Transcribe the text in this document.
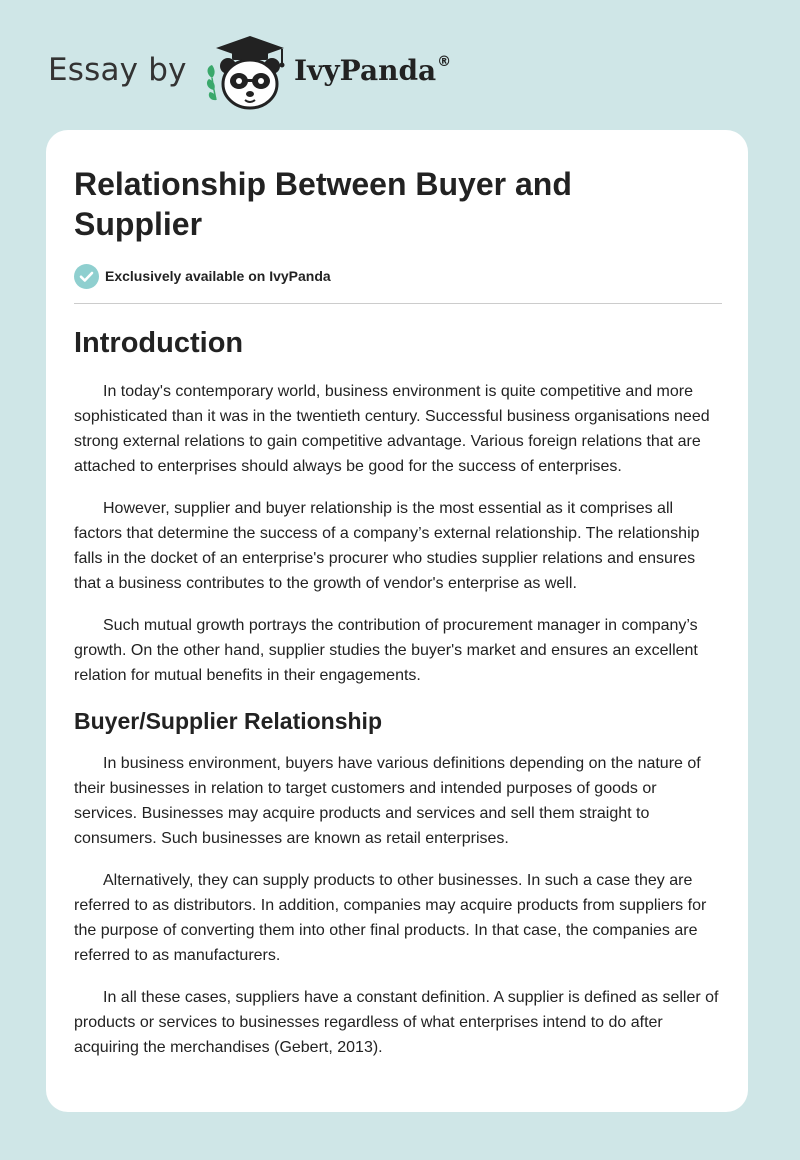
Essay by	IvyPanda®
Relationship Between Buyer and Supplier
Exclusively available on IvyPanda
Introduction

In today's contemporary world, business environment is quite competitive and more sophisticated than it was in the twentieth century. Successful business organisations need strong external relations to gain competitive advantage. Various foreign relations that are attached to enterprises should always be good for the success of enterprises.

However, supplier and buyer relationship is the most essential as it comprises all factors that determine the success of a company’s external relationship. The relationship falls in the docket of an enterprise's procurer who studies supplier relations and ensures that a business contributes to the growth of vendor's enterprise as well.

Such mutual growth portrays the contribution of procurement manager in company’s growth. On the other hand, supplier studies the buyer's market and ensures an excellent relation for mutual benefits in their engagements.

Buyer/Supplier Relationship

In business environment, buyers have various definitions depending on the nature of their businesses in relation to target customers and intended purposes of goods or services. Businesses may acquire products and services and sell them straight to consumers. Such businesses are known as retail enterprises.

Alternatively, they can supply products to other businesses. In such a case they are referred to as distributors. In addition, companies may acquire products from suppliers for the purpose of converting them into other final products. In that case, the companies are referred to as manufacturers.

In all these cases, suppliers have a constant definition. A supplier is defined as seller of products or services to businesses regardless of what enterprises intend to do after acquiring the merchandises (Gebert, 2013).
